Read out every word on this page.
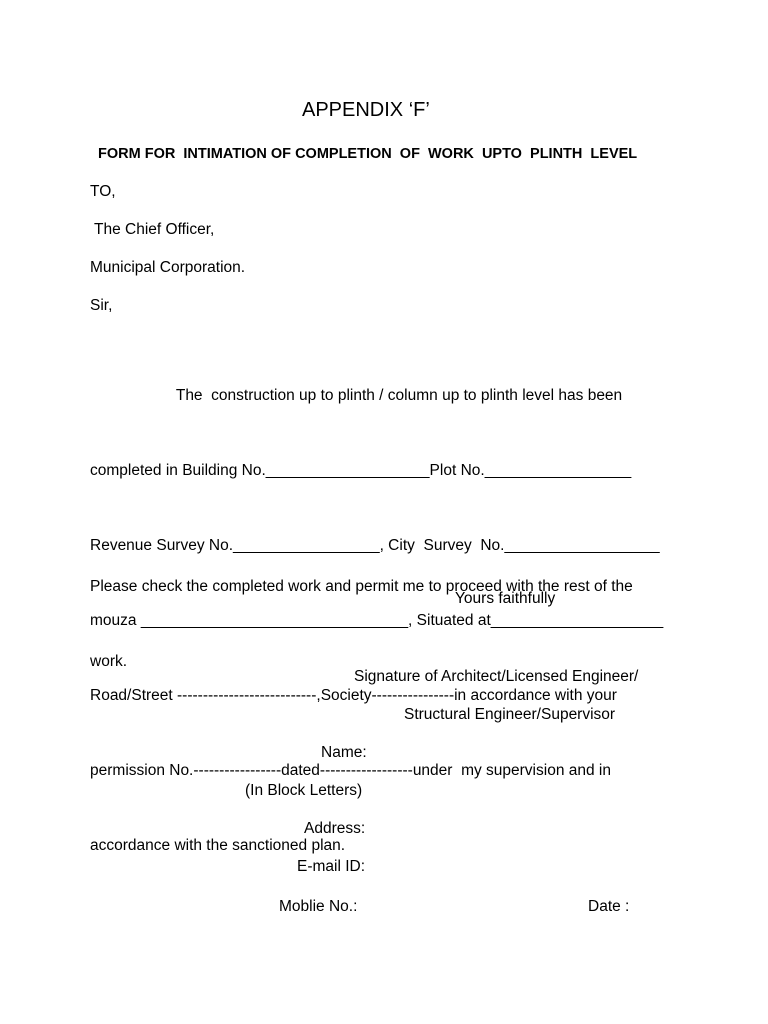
APPENDIX ‘F’
FORM FOR  INTIMATION OF COMPLETION  OF  WORK  UPTO  PLINTH  LEVEL
TO,
The Chief Officer,
Municipal Corporation.
Sir,

The  construction up to plinth / column up to plinth level has been

completed in Building No.___________________Plot No._________________

Revenue Survey No._________________, City  Survey  No.__________________

mouza _______________________________, Situated at____________________

Road/Street ---------------------------,Society----------------in accordance with your

permission No.-----------------dated------------------under  my supervision and in

accordance with the sanctioned plan.

Please check the completed work and permit me to proceed with the rest of the

work.

Yours faithfully
Signature of Architect/Licensed Engineer/
Structural Engineer/Supervisor
Name:
(In Block Letters)
Address:
E-mail ID:
Moblie No.:	Date :
